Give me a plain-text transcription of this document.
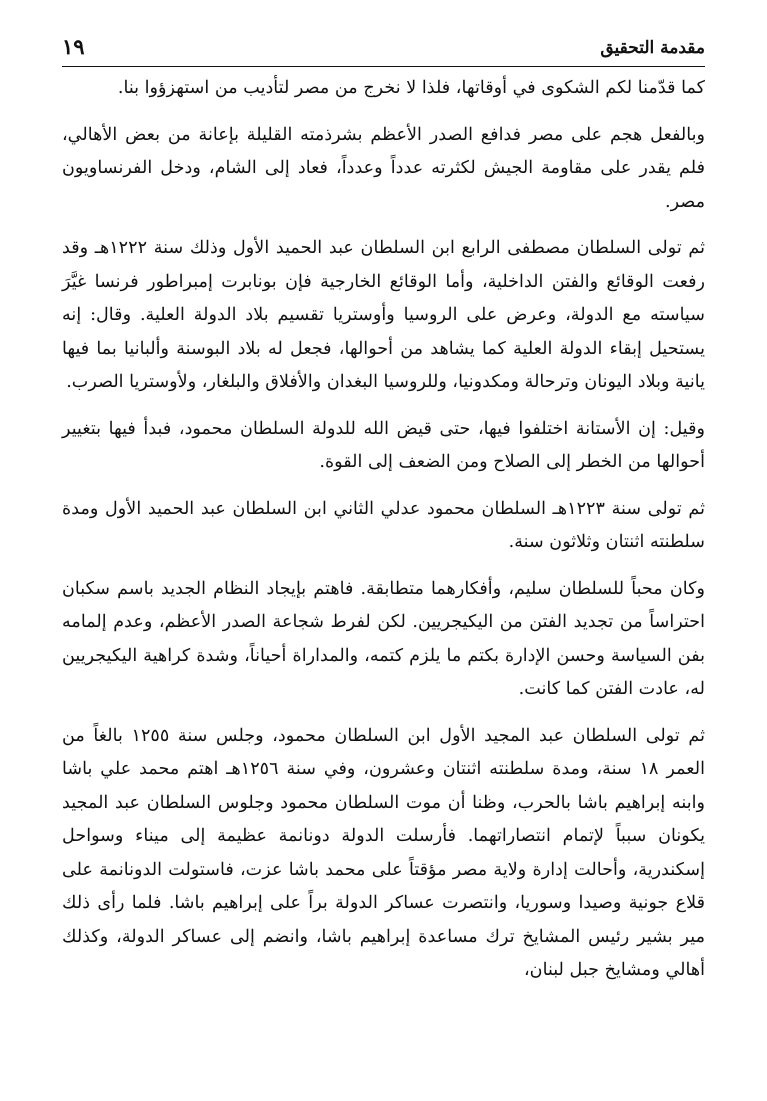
مقدمة التحقيق
١٩

كما قدّمنا لكم الشكوى في أوقاتها، فلذا لا نخرج من مصر لتأديب من استهزؤوا بنا.

وبالفعل هجم على مصر فدافع الصدر الأعظم بشرذمته القليلة بإعانة من بعض الأهالي، فلم يقدر على مقاومة الجيش لكثرته عدداً وعدداً، فعاد إلى الشام، ودخل الفرنساويون مصر.

ثم تولى السلطان مصطفى الرابع ابن السلطان عبد الحميد الأول وذلك سنة ١٢٢٢هـ وقد رفعت الوقائع والفتن الداخلية، وأما الوقائع الخارجية فإن بونابرت إمبراطور فرنسا غيَّرَ سياسته مع الدولة، وعرض على الروسيا وأوستريا تقسيم بلاد الدولة العلية. وقال: إنه يستحيل إبقاء الدولة العلية كما يشاهد من أحوالها، فجعل له بلاد البوسنة وألبانيا بما فيها يانية وبلاد اليونان وترحالة ومكدونيا، وللروسيا البغدان والأفلاق والبلغار، ولأوستريا الصرب.

وقيل: إن الأستانة اختلفوا فيها، حتى قيض الله للدولة السلطان محمود، فبدأ فيها بتغيير أحوالها من الخطر إلى الصلاح ومن الضعف إلى القوة.

ثم تولى سنة ١٢٢٣هـ السلطان محمود عدلي الثاني ابن السلطان عبد الحميد الأول ومدة سلطنته اثنتان وثلاثون سنة.

وكان محباً للسلطان سليم، وأفكارهما متطابقة. فاهتم بإيجاد النظام الجديد باسم سكبان احتراساً من تجديد الفتن من اليكيجريين. لكن لفرط شجاعة الصدر الأعظم، وعدم إلمامه بفن السياسة وحسن الإدارة بكتم ما يلزم كتمه، والمداراة أحياناً، وشدة كراهية اليكيجريين له، عادت الفتن كما كانت.

ثم تولى السلطان عبد المجيد الأول ابن السلطان محمود، وجلس سنة ١٢٥٥ بالغاً من العمر ١٨ سنة، ومدة سلطنته اثنتان وعشرون، وفي سنة ١٢٥٦هـ اهتم محمد علي باشا وابنه إبراهيم باشا بالحرب، وظنا أن موت السلطان محمود وجلوس السلطان عبد المجيد يكونان سبباً لإتمام انتصاراتهما. فأرسلت الدولة دونانمة عظيمة إلى ميناء وسواحل إسكندرية، وأحالت إدارة ولاية مصر مؤقتاً على محمد باشا عزت، فاستولت الدونانمة على قلاع جونية وصيدا وسوريا، وانتصرت عساكر الدولة براً على إبراهيم باشا. فلما رأى ذلك مير بشير رئيس المشايخ ترك مساعدة إبراهيم باشا، وانضم إلى عساكر الدولة، وكذلك أهالي ومشايخ جبل لبنان،
